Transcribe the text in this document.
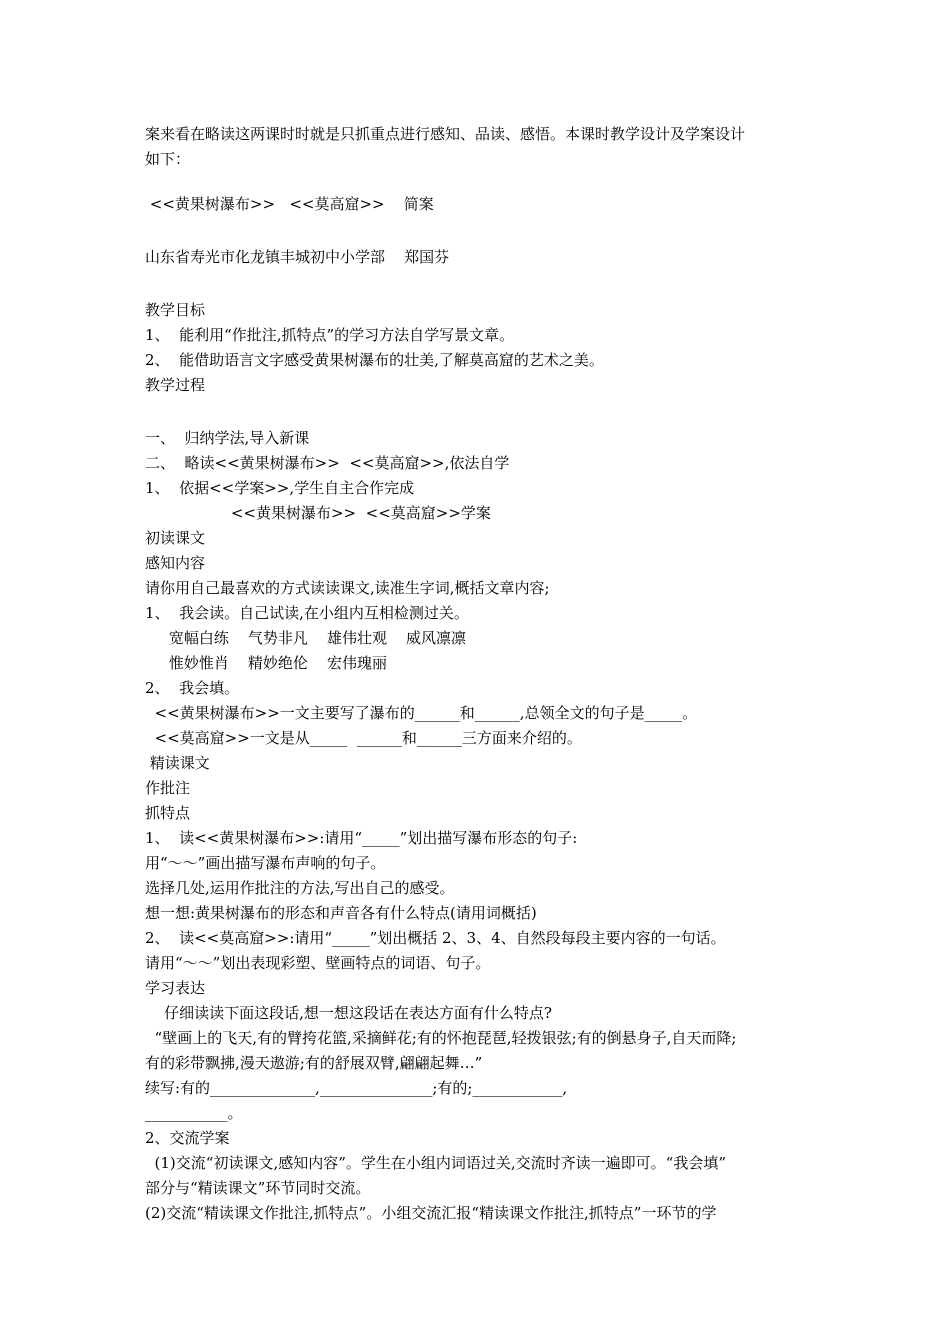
案来看在略读这两课时时就是只抓重点进行感知、品读、感悟。本课时教学设计及学案设计
如下：
<<黄果树瀑布>>   <<莫高窟>>    简案
山东省寿光市化龙镇丰城初中小学部    郑国芬
教学目标
1、  能利用“作批注,抓特点”的学习方法自学写景文章。
2、  能借助语言文字感受黄果树瀑布的壮美,了解莫高窟的艺术之美。
教学过程
一、  归纳学法,导入新课
二、  略读<<黄果树瀑布>>  <<莫高窟>>,依法自学
1、  依据<<学案>>,学生自主合作完成
<<黄果树瀑布>>  <<莫高窟>>学案
初读课文
感知内容
请你用自己最喜欢的方式读读课文,读准生字词,概括文章内容;
1、  我会读。自己试读,在小组内互相检测过关。
宽幅白练    气势非凡    雄伟壮观    威风凛凛
惟妙惟肖    精妙绝伦    宏伟瑰丽
2、  我会填。
<<黄果树瀑布>>一文主要写了瀑布的______和______,总领全文的句子是_____。
<<莫高窟>>一文是从_____  ______和______三方面来介绍的。
精读课文
作批注
抓特点
1、  读<<黄果树瀑布>>:请用“_____”划出描写瀑布形态的句子:
用“～～”画出描写瀑布声响的句子。
选择几处,运用作批注的方法,写出自己的感受。
想一想:黄果树瀑布的形态和声音各有什么特点(请用词概括)
2、  读<<莫高窟>>:请用“_____”划出概括 2、3、4、自然段每段主要内容的一句话。
请用“～～”划出表现彩塑、壁画特点的词语、句子。
学习表达
仔细读读下面这段话,想一想这段话在表达方面有什么特点?
“壁画上的飞天,有的臂挎花篮,采摘鲜花;有的怀抱琵琶,轻拨银弦;有的倒悬身子,自天而降;
有的彩带飘拂,漫天遨游;有的舒展双臂,翩翩起舞…”
续写:有的______________,_______________;有的;____________,
___________。
2、交流学案
(1)交流“初读课文,感知内容”。学生在小组内词语过关,交流时齐读一遍即可。“我会填”
部分与“精读课文”环节同时交流。
(2)交流“精读课文作批注,抓特点”。小组交流汇报“精读课文作批注,抓特点”一环节的学
